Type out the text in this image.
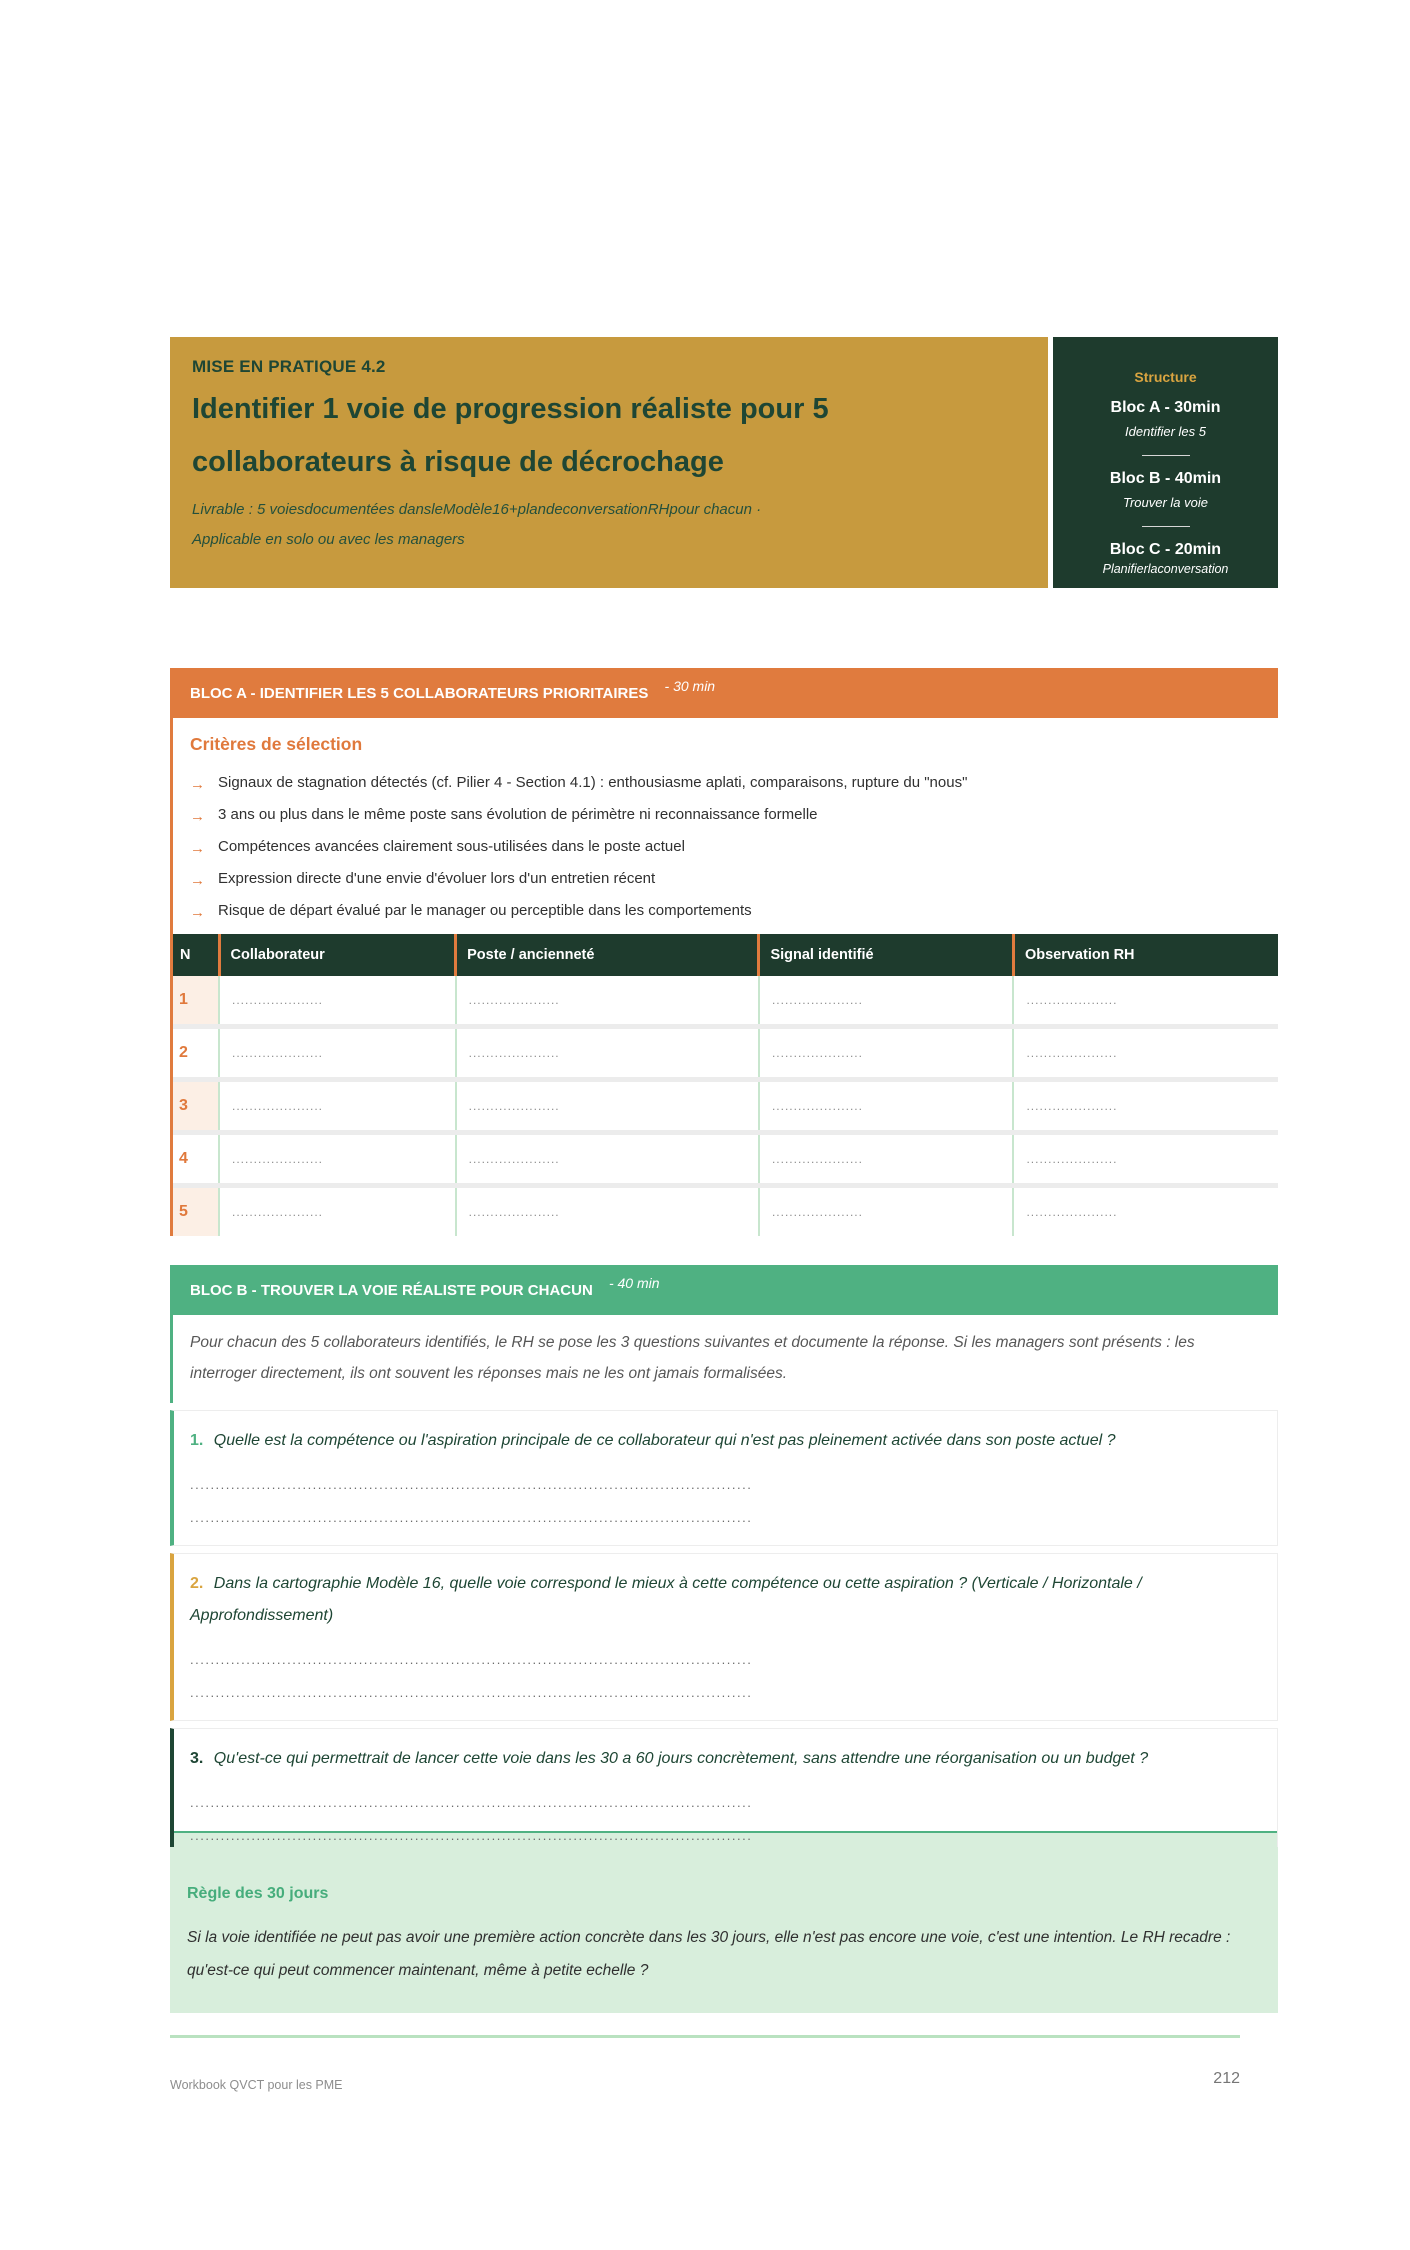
MISE EN PRATIQUE 4.2
Identifier 1 voie de progression réaliste pour 5
collaborateurs à risque de décrochage
Livrable : 5 voiesdocumentées dansleModèle16+plandeconversationRHpour chacun ·
Applicable en solo ou avec les managers
Structure
Bloc A - 30min
Identifier les 5
Bloc B - 40min
Trouver la voie
Bloc C - 20min
Planifierlaconversation
BLOC A - IDENTIFIER LES 5 COLLABORATEURS PRIORITAIRES - 30 min
Critères de sélection
→ Signaux de stagnation détectés (cf. Pilier 4 - Section 4.1) : enthousiasme aplati, comparaisons, rupture du "nous"
→ 3 ans ou plus dans le même poste sans évolution de périmètre ni reconnaissance formelle
→ Compétences avancées clairement sous-utilisées dans le poste actuel
→ Expression directe d'une envie d'évoluer lors d'un entretien récent
→ Risque de départ évalué par le manager ou perceptible dans les comportements
N	Collaborateur	Poste / ancienneté	Signal identifié	Observation RH
1	.....................	.....................	.....................	.....................
2	.....................	.....................	.....................	.....................
3	.....................	.....................	.....................	.....................
4	.....................	.....................	.....................	.....................
5	.....................	.....................	.....................	.....................
BLOC B - TROUVER LA VOIE RÉALISTE POUR CHACUN - 40 min
Pour chacun des 5 collaborateurs identifiés, le RH se pose les 3 questions suivantes et documente la réponse. Si les managers sont présents : les interroger directement, ils ont souvent les réponses mais ne les ont jamais formalisées.
1. Quelle est la compétence ou l'aspiration principale de ce collaborateur qui n'est pas pleinement activée dans son poste actuel ?
..............................................................................................................
..............................................................................................................
2. Dans la cartographie Modèle 16, quelle voie correspond le mieux à cette compétence ou cette aspiration ? (Verticale / Horizontale / Approfondissement)
..............................................................................................................
..............................................................................................................
3. Qu'est-ce qui permettrait de lancer cette voie dans les 30 a 60 jours concrètement, sans attendre une réorganisation ou un budget ?
..............................................................................................................
..............................................................................................................
Règle des 30 jours
Si la voie identifiée ne peut pas avoir une première action concrète dans les 30 jours, elle n'est pas encore une voie, c'est une intention. Le RH recadre : qu'est-ce qui peut commencer maintenant, même à petite echelle ?
Workbook QVCT pour les PME	212
